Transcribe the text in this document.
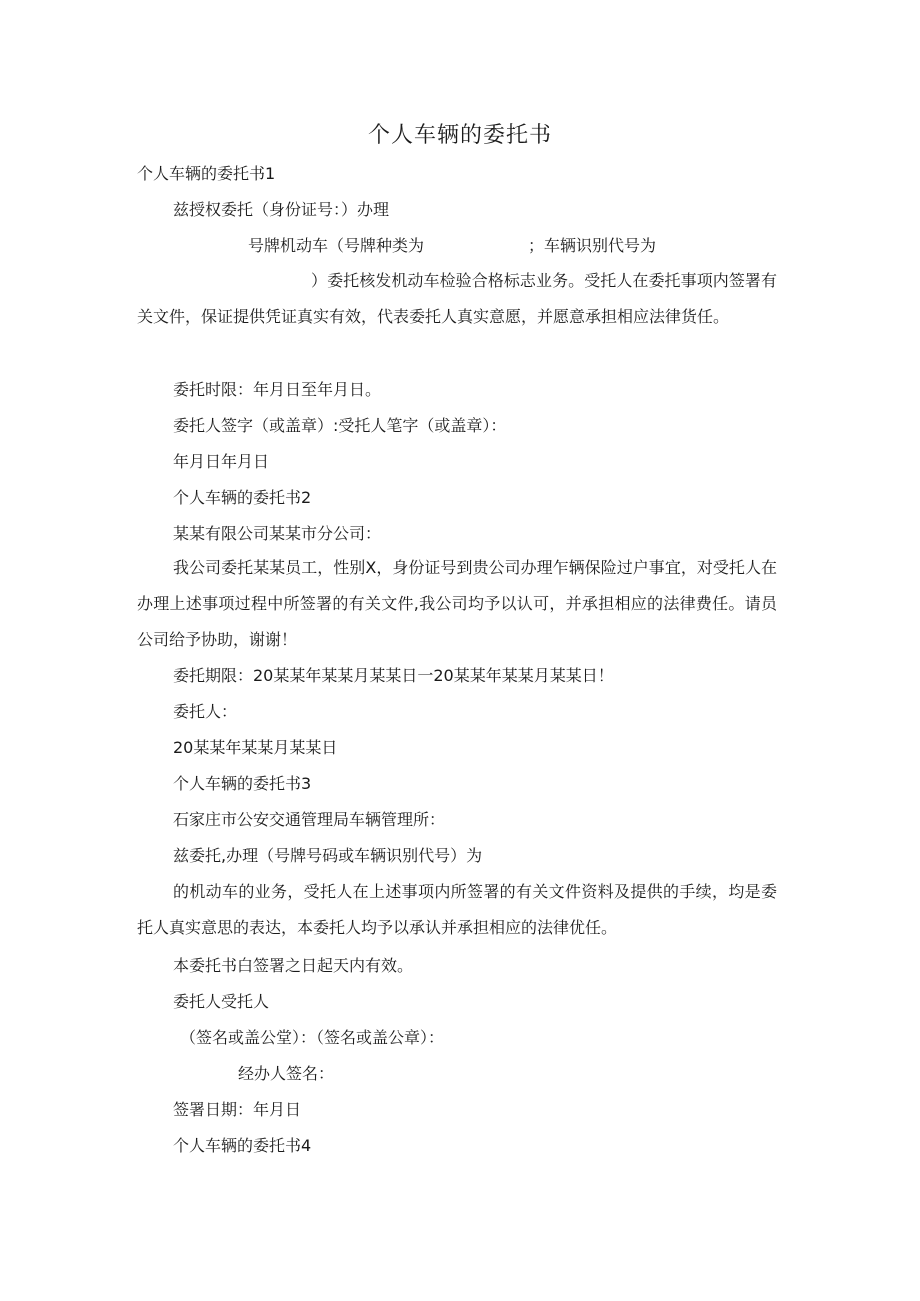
个人车辆的委托书

个人车辆的委托书1

兹授权委托（身份证号：）办理

号牌机动车（号牌种类为	；车辆识别代号为

）委托核发机动车检验合格标志业务。受托人在委托事项内签署有关文件，保证提供凭证真实有效，代表委托人真实意愿，并愿意承担相应法律货任。

委托时限：年月日至年月日。

委托人签字（或盖章）:受托人笔字（或盖章）：

年月日年月日

个人车辆的委托书2

某某有限公司某某市分公司：

我公司委托某某员工，性别X，身份证号到贵公司办理乍辆保险过户事宜，对受托人在办理上述事项过程中所签署的有关文件,我公司均予以认可，并承担相应的法律费任。请员公司给予协助，谢谢！

委托期限：20某某年某某月某某日一20某某年某某月某某日！

委托人：

20某某年某某月某某日

个人车辆的委托书3

石家庄市公安交通管理局车辆管理所：

兹委托,办理（号牌号码或车辆识别代号）为

的机动车的业务，受托人在上述事项内所签署的有关文件资料及提供的手续，均是委托人真实意思的表达，本委托人均予以承认并承担相应的法律优任。

本委托书白签署之日起天内有效。

委托人受托人

（签名或盖公堂）：（签名或盖公章）：

经办人签名：

签署日期：年月日

个人车辆的委托书4
